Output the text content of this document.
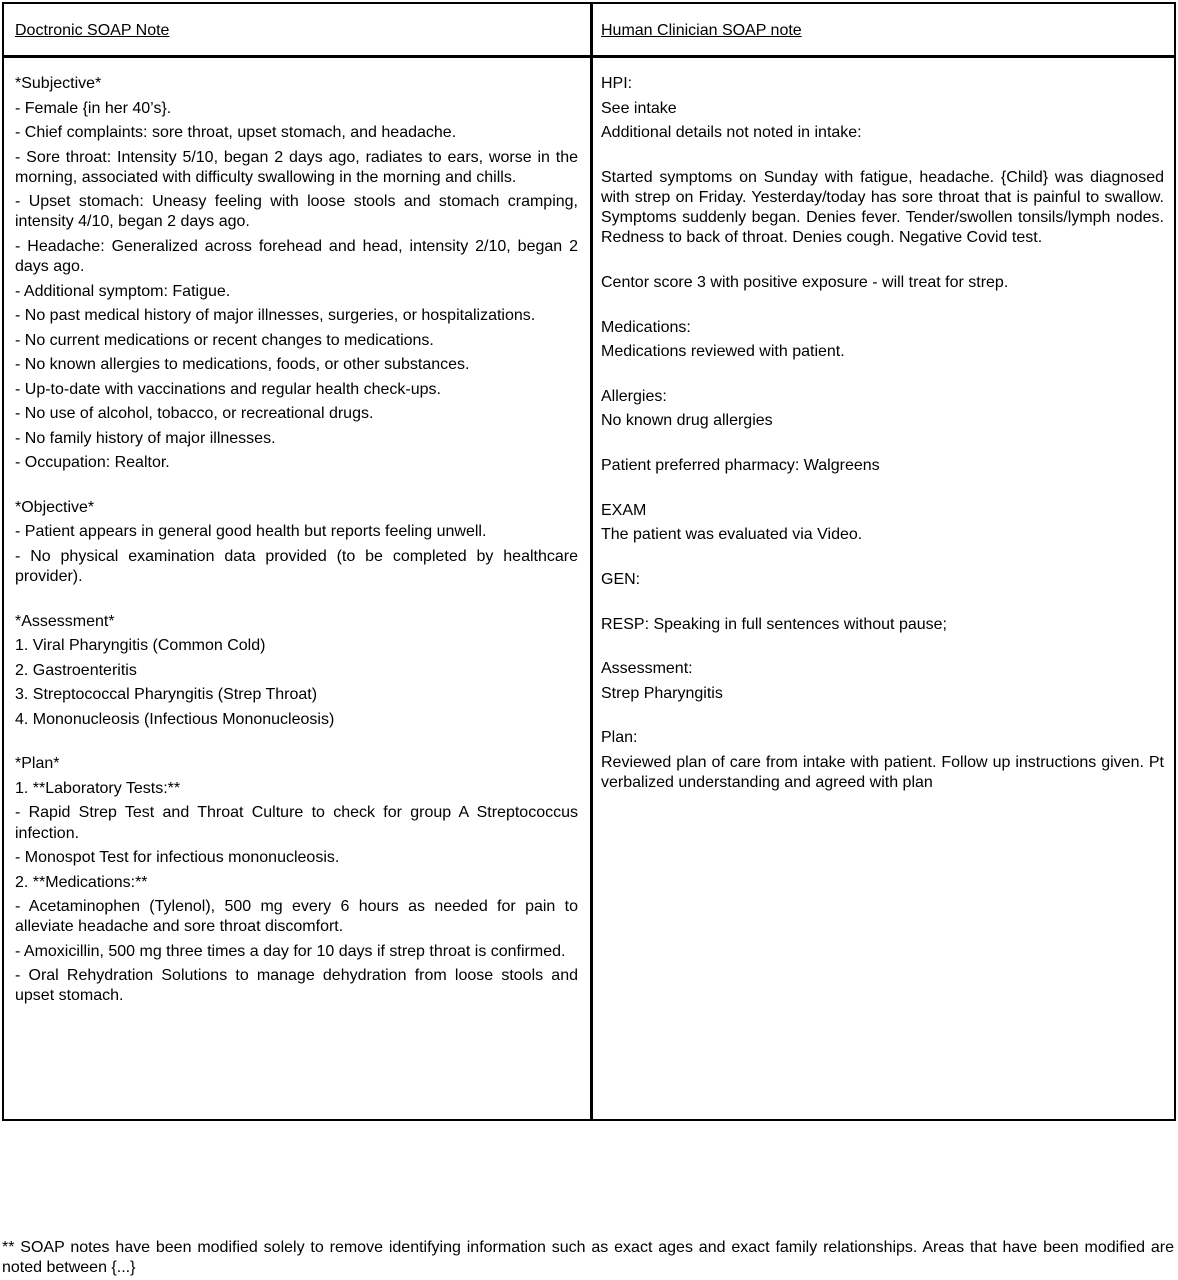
Doctronic SOAP Note	Human Clinician SOAP note
*Subjective*
- Female {in her 40’s}.
- Chief complaints: sore throat, upset stomach, and headache.
- Sore throat: Intensity 5/10, began 2 days ago, radiates to ears, worse in the morning, associated with difficulty swallowing in the morning and chills.
- Upset stomach: Uneasy feeling with loose stools and stomach cramping, intensity 4/10, began 2 days ago.
- Headache: Generalized across forehead and head, intensity 2/10, began 2 days ago.
- Additional symptom: Fatigue.
- No past medical history of major illnesses, surgeries, or hospitalizations.
- No current medications or recent changes to medications.
- No known allergies to medications, foods, or other substances.
- Up-to-date with vaccinations and regular health check-ups.
- No use of alcohol, tobacco, or recreational drugs.
- No family history of major illnesses.
- Occupation: Realtor.
*Objective*
- Patient appears in general good health but reports feeling unwell.
- No physical examination data provided (to be completed by healthcare provider).
*Assessment*
1. Viral Pharyngitis (Common Cold)
2. Gastroenteritis
3. Streptococcal Pharyngitis (Strep Throat)
4. Mononucleosis (Infectious Mononucleosis)
*Plan*
1. **Laboratory Tests:**
- Rapid Strep Test and Throat Culture to check for group A Streptococcus infection.
- Monospot Test for infectious mononucleosis.
2. **Medications:**
- Acetaminophen (Tylenol), 500 mg every 6 hours as needed for pain to alleviate headache and sore throat discomfort.
- Amoxicillin, 500 mg three times a day for 10 days if strep throat is confirmed.
- Oral Rehydration Solutions to manage dehydration from loose stools and upset stomach.
HPI:
See intake
Additional details not noted in intake:
Started symptoms on Sunday with fatigue, headache. {Child} was diagnosed with strep on Friday. Yesterday/today has sore throat that is painful to swallow. Symptoms suddenly began. Denies fever. Tender/swollen tonsils/lymph nodes. Redness to back of throat. Denies cough. Negative Covid test.
Centor score 3 with positive exposure - will treat for strep.
Medications:
Medications reviewed with patient.
Allergies:
No known drug allergies
Patient preferred pharmacy: Walgreens
EXAM
The patient was evaluated via Video.
GEN:
RESP: Speaking in full sentences without pause;
Assessment:
Strep Pharyngitis
Plan:
Reviewed plan of care from intake with patient. Follow up instructions given. Pt verbalized understanding and agreed with plan
** SOAP notes have been modified solely to remove identifying information such as exact ages and exact family relationships. Areas that have been modified are noted between {...}
